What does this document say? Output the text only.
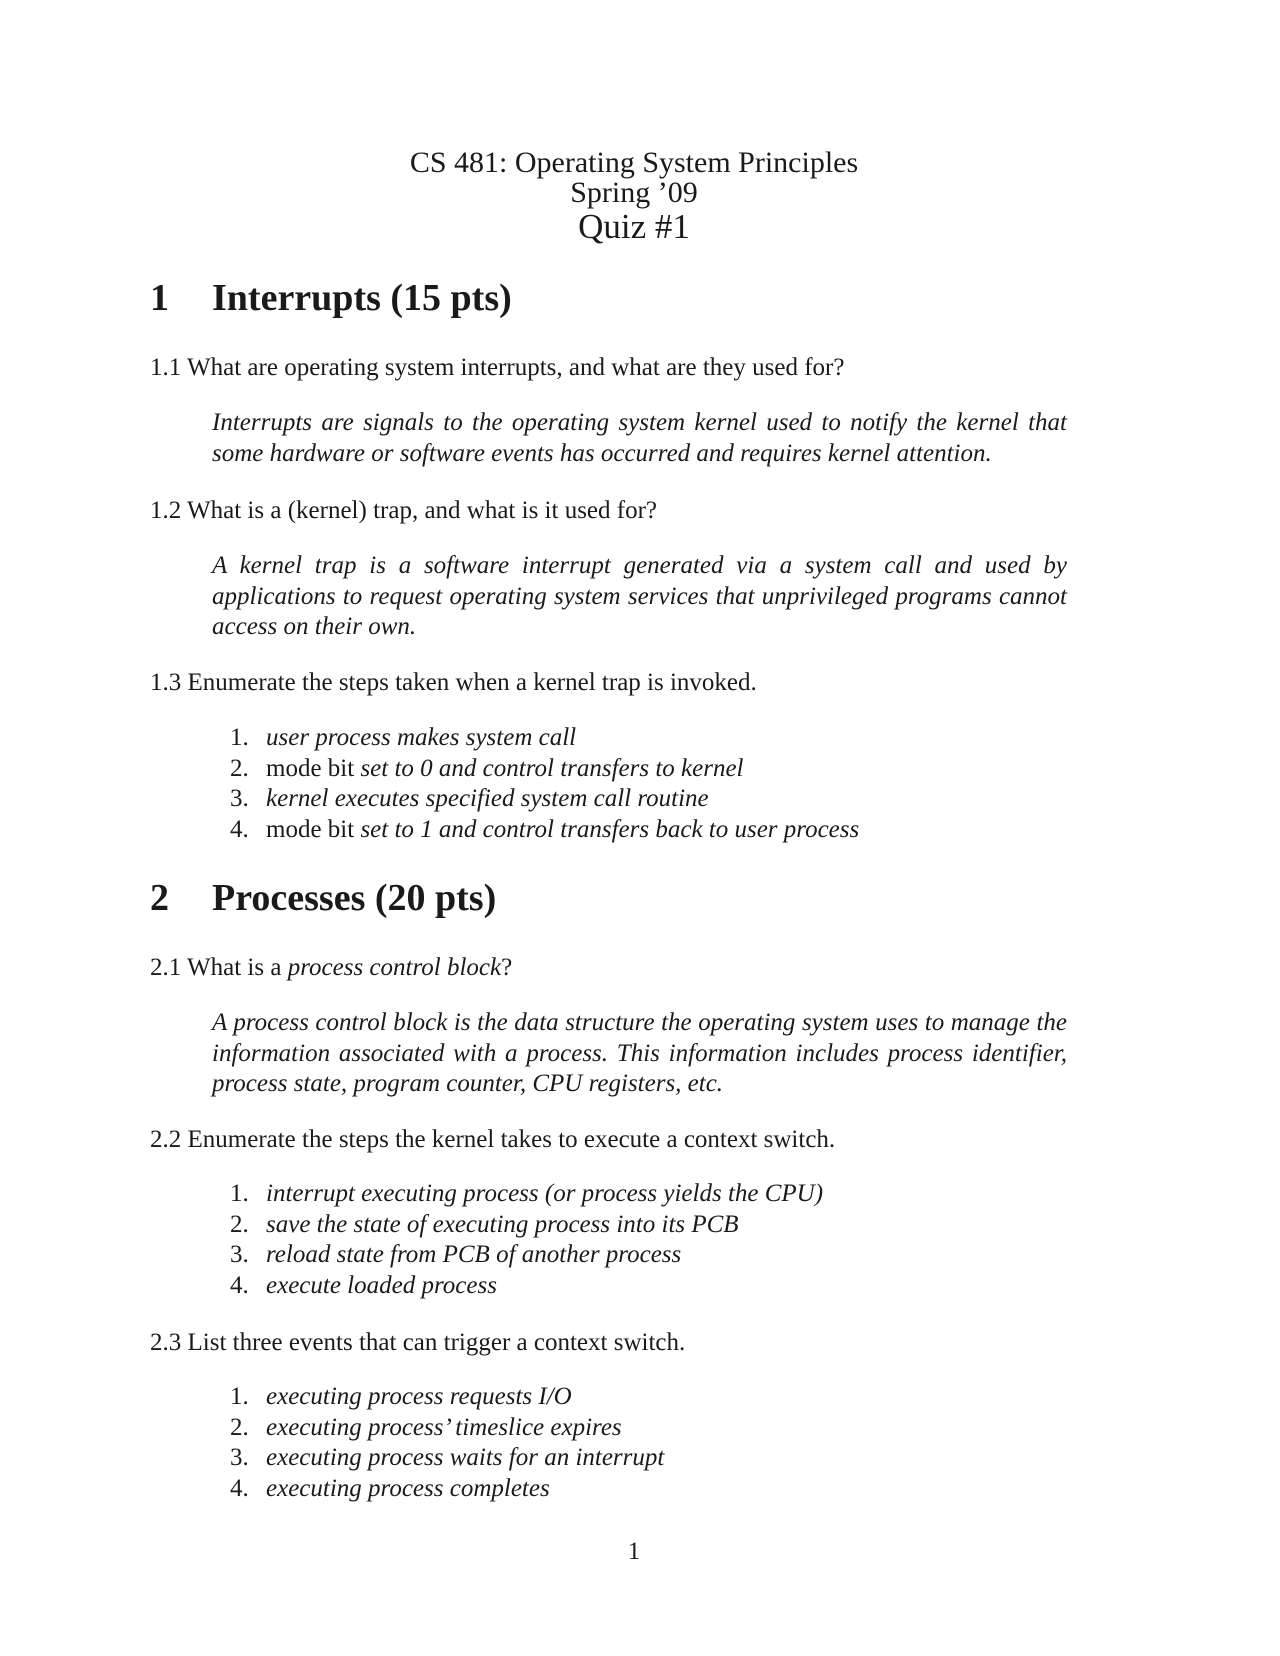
CS 481: Operating System Principles
Spring ’09
Quiz #1
1 Interrupts (15 pts)
1.1 What are operating system interrupts, and what are they used for?
Interrupts are signals to the operating system kernel used to notify the kernel that some hardware or software events has occurred and requires kernel attention.
1.2 What is a (kernel) trap, and what is it used for?
A kernel trap is a software interrupt generated via a system call and used by applications to request operating system services that unprivileged programs cannot access on their own.
1.3 Enumerate the steps taken when a kernel trap is invoked.
1. user process makes system call
2. mode bit set to 0 and control transfers to kernel
3. kernel executes specified system call routine
4. mode bit set to 1 and control transfers back to user process
2 Processes (20 pts)
2.1 What is a process control block?
A process control block is the data structure the operating system uses to manage the information associated with a process. This information includes process identifier, process state, program counter, CPU registers, etc.
2.2 Enumerate the steps the kernel takes to execute a context switch.
1. interrupt executing process (or process yields the CPU)
2. save the state of executing process into its PCB
3. reload state from PCB of another process
4. execute loaded process
2.3 List three events that can trigger a context switch.
1. executing process requests I/O
2. executing process’ timeslice expires
3. executing process waits for an interrupt
4. executing process completes
1
